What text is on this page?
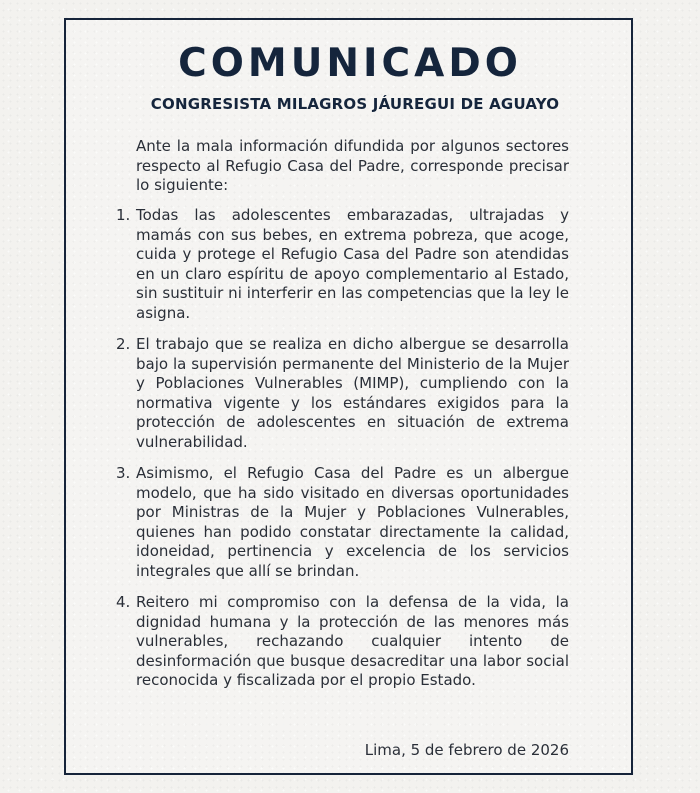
COMUNICADO
CONGRESISTA MILAGROS JÁUREGUI DE AGUAYO

Ante la mala información difundida por algunos sectores respecto al Refugio Casa del Padre, corresponde precisar lo siguiente:

1. Todas las adolescentes embarazadas, ultrajadas y mamás con sus bebes, en extrema pobreza, que acoge, cuida y protege el Refugio Casa del Padre son atendidas en un claro espíritu de apoyo complementario al Estado, sin sustituir ni interferir en las competencias que la ley le asigna.
2. El trabajo que se realiza en dicho albergue se desarrolla bajo la supervisión permanente del Ministerio de la Mujer y Poblaciones Vulnerables (MIMP), cumpliendo con la normativa vigente y los estándares exigidos para la protección de adolescentes en situación de extrema vulnerabilidad.
3. Asimismo, el Refugio Casa del Padre es un albergue modelo, que ha sido visitado en diversas oportunidades por Ministras de la Mujer y Poblaciones Vulnerables, quienes han podido constatar directamente la calidad, idoneidad, pertinencia y excelencia de los servicios integrales que allí se brindan.
4. Reitero mi compromiso con la defensa de la vida, la dignidad humana y la protección de las menores más vulnerables, rechazando cualquier intento de desinformación que busque desacreditar una labor social reconocida y fiscalizada por el propio Estado.
Lima, 5 de febrero de 2026
